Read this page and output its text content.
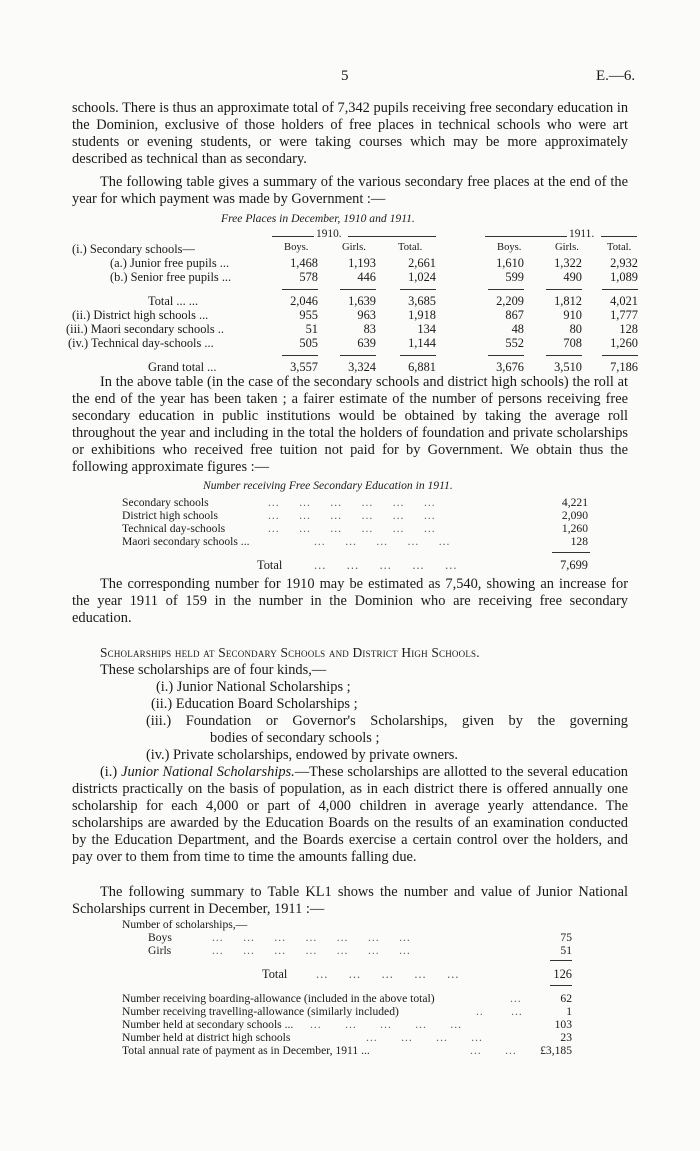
5	E.—6.
schools. There is thus an approximate total of 7,342 pupils receiving free secondary education in the Dominion, exclusive of those holders of free places in technical schools who were art students or evening students, or were taking courses which may be more approximately described as technical than as secondary.
The following table gives a summary of the various secondary free places at the end of the year for which payment was made by Government :—
Free Places in December, 1910 and 1911.
1910.	1911.
Boys.	Girls.	Total.	Boys.	Girls.	Total.
(i.) Secondary schools—
(a.) Junior free pupils ...	1,468	1,193	2,661	1,610	1,322	2,932
(b.) Senior free pupils ...	578	446	1,024	599	490	1,089
Total ... ...	2,046	1,639	3,685	2,209	1,812	4,021
(ii.) District high schools ...	955	963	1,918	867	910	1,777
(iii.) Maori secondary schools ..	51	83	134	48	80	128
(iv.) Technical day-schools ...	505	639	1,144	552	708	1,260
Grand total ...	3,557	3,324	6,881	3,676	3,510	7,186
In the above table (in the case of the secondary schools and district high schools) the roll at the end of the year has been taken ; a fairer estimate of the number of persons receiving free secondary education in public institutions would be obtained by taking the average roll throughout the year and including in the total the holders of foundation and private scholarships or exhibitions who received free tuition not paid for by Government. We obtain thus the following approximate figures :—
Number receiving Free Secondary Education in 1911.
Secondary schools	...     ...     ...     ...     ...     ...	4,221
District high schools	...     ...     ...     ...     ...     ...	2,090
Technical day-schools	...     ...     ...     ...     ...     ...	1,260
Maori secondary schools ...	...     ...     ...     ...     ...	128
Total	...     ...     ...     ...     ...	7,699
The corresponding number for 1910 may be estimated as 7,540, showing an increase for the year 1911 of 159 in the number in the Dominion who are receiving free secondary education.
Scholarships held at Secondary Schools and District High Schools.
These scholarships are of four kinds,—
(i.) Junior National Scholarships ;
(ii.) Education Board Scholarships ;
(iii.) Foundation or Governor's Scholarships, given by the governing
bodies of secondary schools ;
(iv.) Private scholarships, endowed by private owners.
(i.) Junior National Scholarships.—These scholarships are allotted to the several education districts practically on the basis of population, as in each district there is offered annually one scholarship for each 4,000 or part of 4,000 children in average yearly attendance. The scholarships are awarded by the Education Boards on the results of an examination conducted by the Education Department, and the Boards exercise a certain control over the holders, and pay over to them from time to time the amounts falling due.
The following summary to Table KL1 shows the number and value of Junior National Scholarships current in December, 1911 :—
Number of scholarships,—
Boys	...     ...     ...     ...     ...     ...     ...	75
Girls	...     ...     ...     ...     ...     ...     ...	51
Total ...     ...     ...     ...     ...	126
Number receiving boarding-allowance (included in the above total)	...	62
Number receiving travelling-allowance (similarly included)	..       ...	1
Number held at secondary schools ... ...      ...      ...      ...      ...	103
Number held at district high schools	...      ...      ...      ...	23
Total annual rate of payment as in December, 1911 ...	...      ...	£3,185
